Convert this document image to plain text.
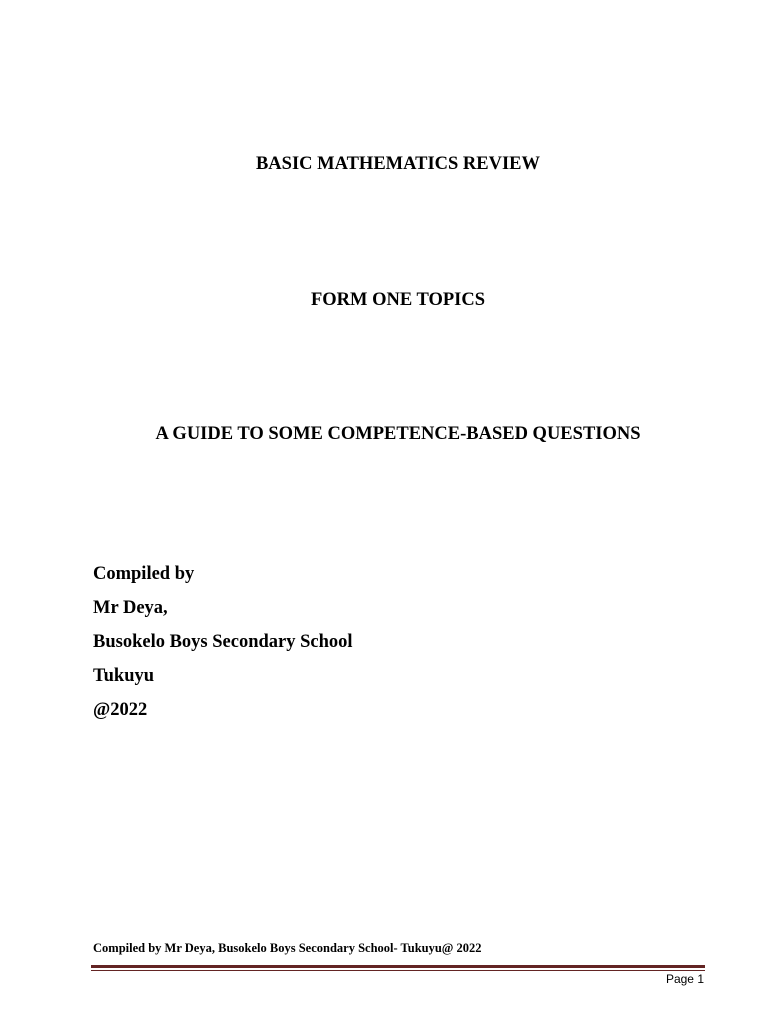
BASIC MATHEMATICS REVIEW
FORM ONE TOPICS
A GUIDE TO SOME COMPETENCE-BASED QUESTIONS
Compiled by
Mr Deya,
Busokelo Boys Secondary School
Tukuyu
@2022
Compiled by Mr Deya, Busokelo Boys Secondary School- Tukuyu@ 2022
Page 1
